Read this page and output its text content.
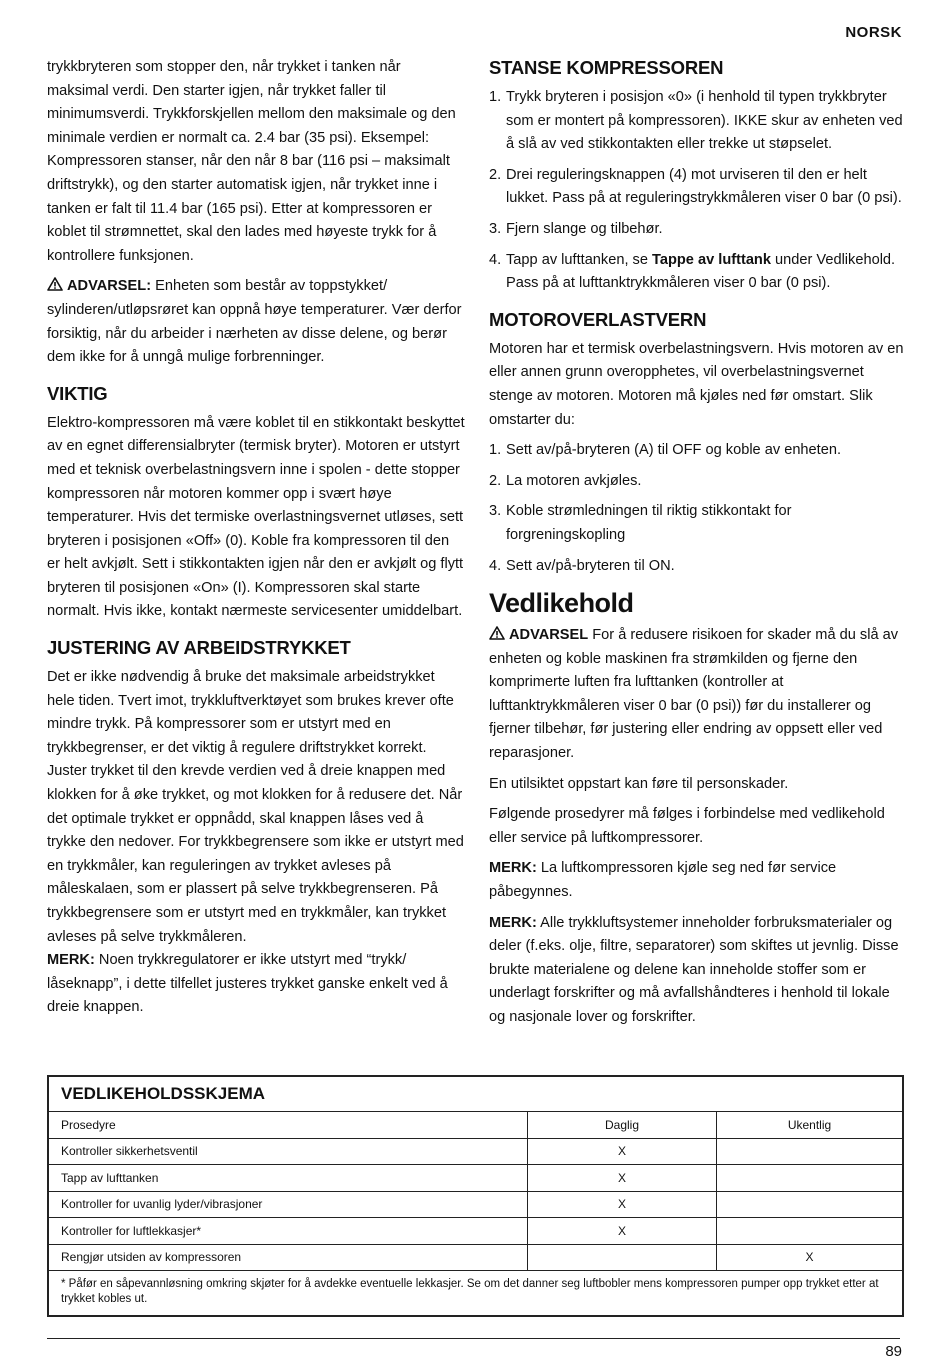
NORSK

trykkbryteren som stopper den, når trykket i tanken når maksimal verdi. Den starter igjen, når trykket faller til minimumsverdi. Trykkforskjellen mellom den maksimale og den minimale verdien er normalt ca. 2.4 bar (35 psi). Eksempel: Kompressoren stanser, når den når 8 bar (116 psi – maksimalt driftstrykk), og den starter automatisk igjen, når trykket inne i tanken er falt til 11.4 bar (165 psi). Etter at kompressoren er koblet til strømnettet, skal den lades med høyeste trykk for å kontrollere funksjonen.

ADVARSEL: Enheten som består av toppstykket/ sylinderen/utløpsrøret kan oppnå høye temperaturer. Vær derfor forsiktig, når du arbeider i nærheten av disse delene, og berør dem ikke for å unngå mulige forbrenninger.

VIKTIG

Elektro-kompressoren må være koblet til en stikkontakt beskyttet av en egnet differensialbryter (termisk bryter). Motoren er utstyrt med et teknisk overbelastningsvern inne i spolen - dette stopper kompressoren når motoren kommer opp i svært høye temperaturer. Hvis det termiske overlastningsvernet utløses, sett bryteren i posisjonen «Off» (0). Koble fra kompressoren til den er helt avkjølt. Sett i stikkontakten igjen når den er avkjølt og flytt bryteren til posisjonen «On» (I). Kompressoren skal starte normalt. Hvis ikke, kontakt nærmeste servicesenter umiddelbart.

JUSTERING AV ARBEIDSTRYKKET

Det er ikke nødvendig å bruke det maksimale arbeidstrykket hele tiden. Tvert imot, trykkluftverktøyet som brukes krever ofte mindre trykk. På kompressorer som er utstyrt med en trykkbegrenser, er det viktig å regulere driftstrykket korrekt. Juster trykket til den krevde verdien ved å dreie knappen med klokken for å øke trykket, og mot klokken for å redusere det. Når det optimale trykket er oppnådd, skal knappen låses ved å trykke den nedover. For trykkbegrensere som ikke er utstyrt med en trykkmåler, kan reguleringen av trykket avleses på måleskalaen, som er plassert på selve trykkbegrenseren. På trykkbegrensere som er utstyrt med en trykkmåler, kan trykket avleses på selve trykkmåleren.

MERK: Noen trykkregulatorer er ikke utstyrt med “trykk/ låseknapp”, i dette tilfellet justeres trykket ganske enkelt ved å dreie knappen.

STANSE KOMPRESSOREN
1. Trykk bryteren i posisjon «0» (i henhold til typen trykkbryter som er montert på kompressoren). IKKE skur av enheten ved å slå av ved stikkontakten eller trekke ut støpselet.
2. Drei reguleringsknappen (4) mot urviseren til den er helt lukket. Pass på at reguleringstrykkmåleren viser 0 bar (0 psi).
3. Fjern slange og tilbehør.
4. Tapp av lufttanken, se Tappe av lufttank under Vedlikehold. Pass på at lufttanktrykkmåleren viser 0 bar (0 psi).
MOTOROVERLASTVERN

Motoren har et termisk overbelastningsvern. Hvis motoren av en eller annen grunn overopphetes, vil overbelastningsvernet stenge av motoren. Motoren må kjøles ned før omstart. Slik omstarter du:

1. Sett av/på-bryteren (A) til OFF og koble av enheten.
2. La motoren avkjøles.
3. Koble strømledningen til riktig stikkontakt for forgreningskopling
4. Sett av/på-bryteren til ON.
Vedlikehold

ADVARSEL For å redusere risikoen for skader må du slå av enheten og koble maskinen fra strømkilden og fjerne den komprimerte luften fra lufttanken (kontroller at lufttanktrykkmåleren viser 0 bar (0 psi)) før du installerer og fjerner tilbehør, før justering eller endring av oppsett eller ved reparasjoner.

En utilsiktet oppstart kan føre til personskader.

Følgende prosedyrer må følges i forbindelse med vedlikehold eller service på luftkompressorer.

MERK: La luftkompressoren kjøle seg ned før service påbegynnes.

MERK: Alle trykkluftsystemer inneholder forbruksmaterialer og deler (f.eks. olje, filtre, separatorer) som skiftes ut jevnlig. Disse brukte materialene og delene kan inneholde stoffer som er underlagt forskrifter og må avfallshåndteres i henhold til lokale og nasjonale lover og forskrifter.

VEDLIKEHOLDSSKJEMA
Prosedyre	Daglig	Ukentlig
Kontroller sikkerhetsventil	X	
Tapp av lufttanken	X	
Kontroller for uvanlig lyder/vibrasjoner	X	
Kontroller for luftlekkasjer*	X	
Rengjør utsiden av kompressoren		X
* Påfør en såpevannløsning omkring skjøter for å avdekke eventuelle lekkasjer. Se om det danner seg luftbobler mens kompressoren pumper opp trykket etter at trykket kobles ut.
89
